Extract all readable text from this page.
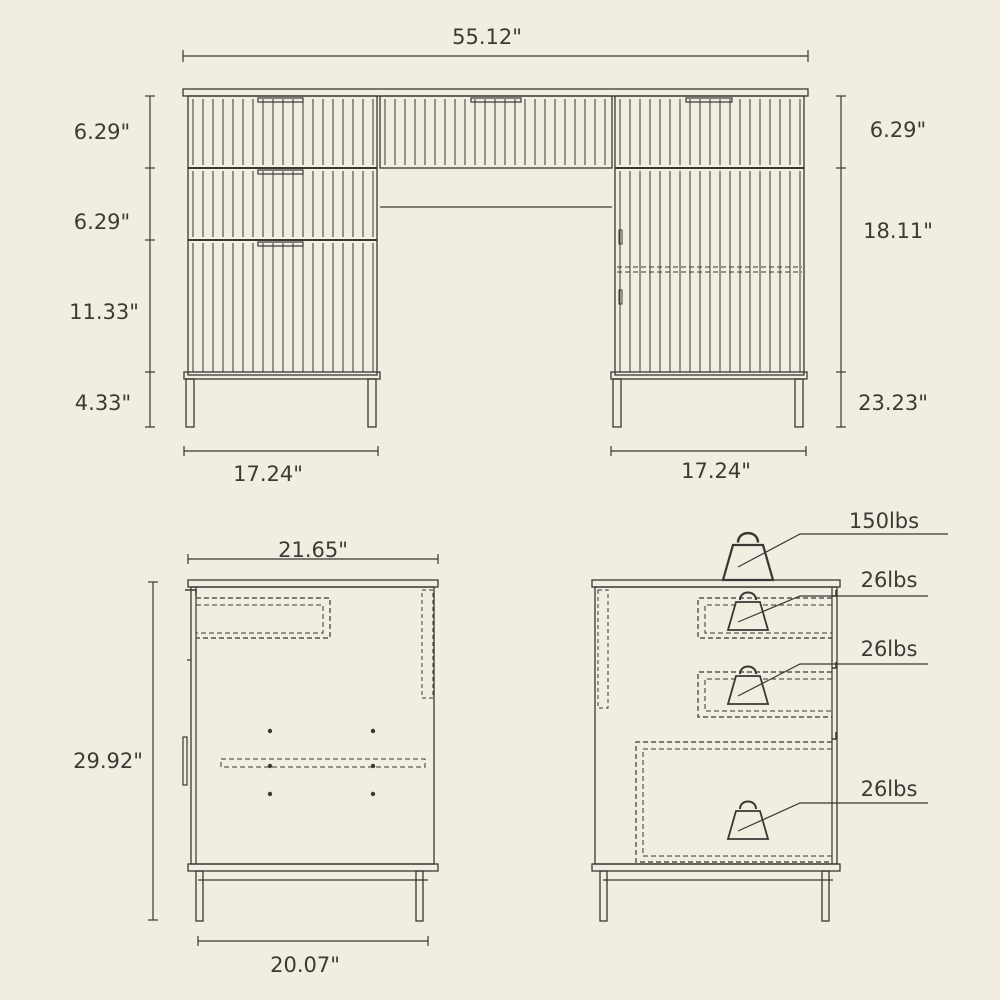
55.12"
6.29"
6.29"
11.33"
4.33"
6.29"
18.11"
23.23"
17.24"	17.24"
21.65"
29.92"
20.07"
150lbs
26lbs
26lbs
26lbs
